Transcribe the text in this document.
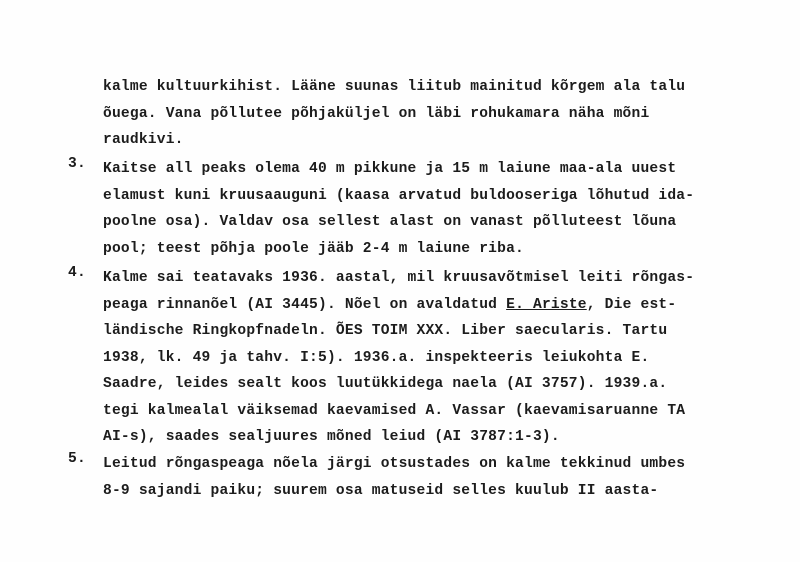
kalme kultuurkihist. Lääne suunas liitub mainitud kõrgem ala talu
õuega. Vana põllutee põhjaküljel on läbi rohukamara näha mõni
raudkivi.
3. Kaitse all peaks olema 40 m pikkune ja 15 m laiune maa-ala uuest
elamust kuni kruusaauguni (kaasa arvatud buldooseriga lõhutud ida-
poolne osa). Valdav osa sellest alast on vanast põlluteest lõuna
pool; teest põhja poole jääb 2-4 m laiune riba.
4. Kalme sai teatavaks 1936. aastal, mil kruusavõtmisel leiti rõngas-
peaga rinnanõel (AI 3445). Nõel on avaldatud E. Ariste, Die est-
ländische Ringkopfnadeln. ÕES TOIM XXX. Liber saecularis. Tartu
1938, lk. 49 ja tahv. I:5). 1936.a. inspekteeris leiukohta E.
Saadre, leides sealt koos luutükkidega naela (AI 3757). 1939.a.
tegi kalmealal väiksemad kaevamised A. Vassar (kaevamisaruanne TA
AI-s), saades sealjuures mõned leiud (AI 3787:1-3).
5. Leitud rõngaspeaga nõela järgi otsustades on kalme tekkinud umbes
8-9 sajandi paiku; suurem osa matuseid selles kuulub II aasta-
